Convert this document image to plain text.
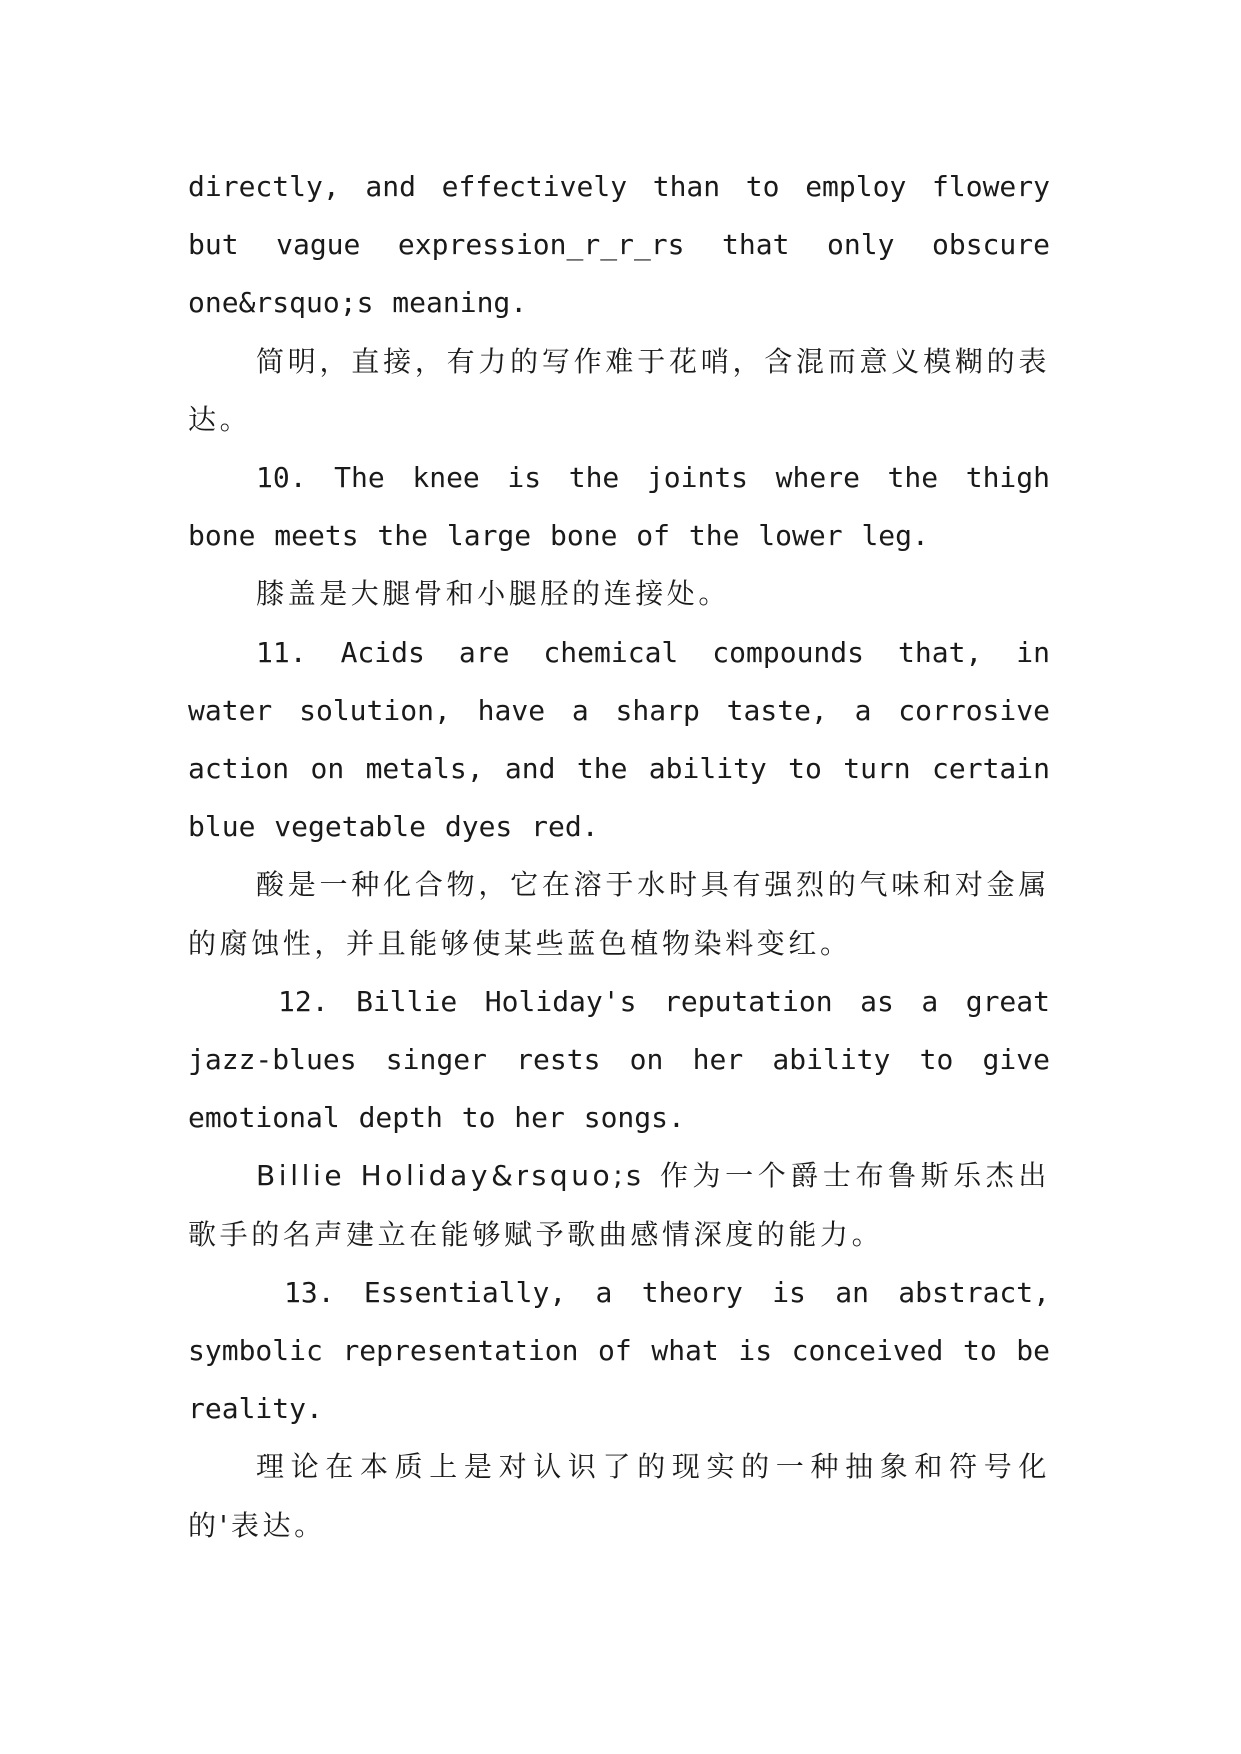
directly, and effectively than to employ flowery but vague expression_r_r_rs that only obscure one&rsquo;s meaning.

简明，直接，有力的写作难于花哨，含混而意义模糊的表达。

10. The knee is the joints where the thigh bone meets the large bone of the lower leg.

膝盖是大腿骨和小腿胫的连接处。

11. Acids are chemical compounds that, in water solution, have a sharp taste, a corrosive action on metals, and the ability to turn certain blue vegetable dyes red.

酸是一种化合物，它在溶于水时具有强烈的气味和对金属的腐蚀性，并且能够使某些蓝色植物染料变红。

12. Billie Holiday's reputation as a great jazz-blues singer rests on her ability to give emotional depth to her songs.

Billie Holiday&rsquo;s 作为一个爵士布鲁斯乐杰出歌手的名声建立在能够赋予歌曲感情深度的能力。

13. Essentially, a theory is an abstract, symbolic representation of what is conceived to be reality.

理论在本质上是对认识了的现实的一种抽象和符号化的'表达。
